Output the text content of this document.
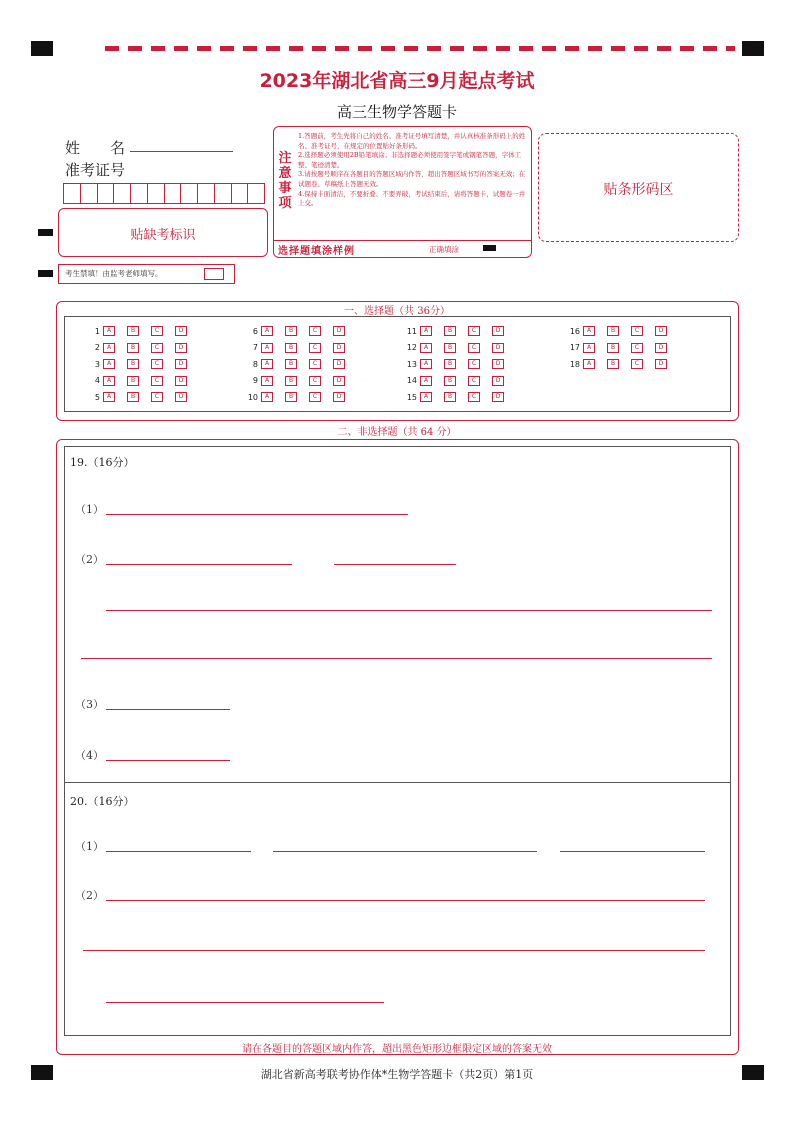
2023年湖北省高三9月起点考试
高三生物学答题卡
姓　　名
准考证号
贴缺考标识
考生禁填！由监考老师填写。
注意事项
1.答题前，考生先将自己的姓名、准考证号填写清楚，并认真核准条形码上的姓名、准考证号，在规定的位置贴好条形码。
2.选择题必须使用2B铅笔填涂；非选择题必须使用签字笔或钢笔答题，字体工整、笔迹清楚。
3.请按题号顺序在各题目的答题区域内作答，超出答题区域书写的答案无效；在试题卷、草稿纸上答题无效。
4.保持卡面清洁，不要折叠、不要弄破，考试结束后，请将答题卡，试题卷一并上交。
选择题填涂样例	正确填涂
贴条形码区
一、选择题（共 36分）
1 A	B	C	D
2 A	B	C	D
3 A	B	C	D
4 A	B	C	D
5 A	B	C	D
6 A	B	C	D
7 A	B	C	D
8 A	B	C	D
9 A	B	C	D
10 A	B	C	D
11 A	B	C	D
12 A	B	C	D
13 A	B	C	D
14 A	B	C	D
15 A	B	C	D
16 A	B	C	D
17 A	B	C	D
18 A	B	C	D
二、非选择题（共 64 分）
19.（16分）
（1）
（2）
（3）
（4）
20.（16分）
（1）
（2）
请在各题目的答题区域内作答，超出黑色矩形边框限定区域的答案无效
湖北省新高考联考协作体*生物学答题卡（共2页）第1页
